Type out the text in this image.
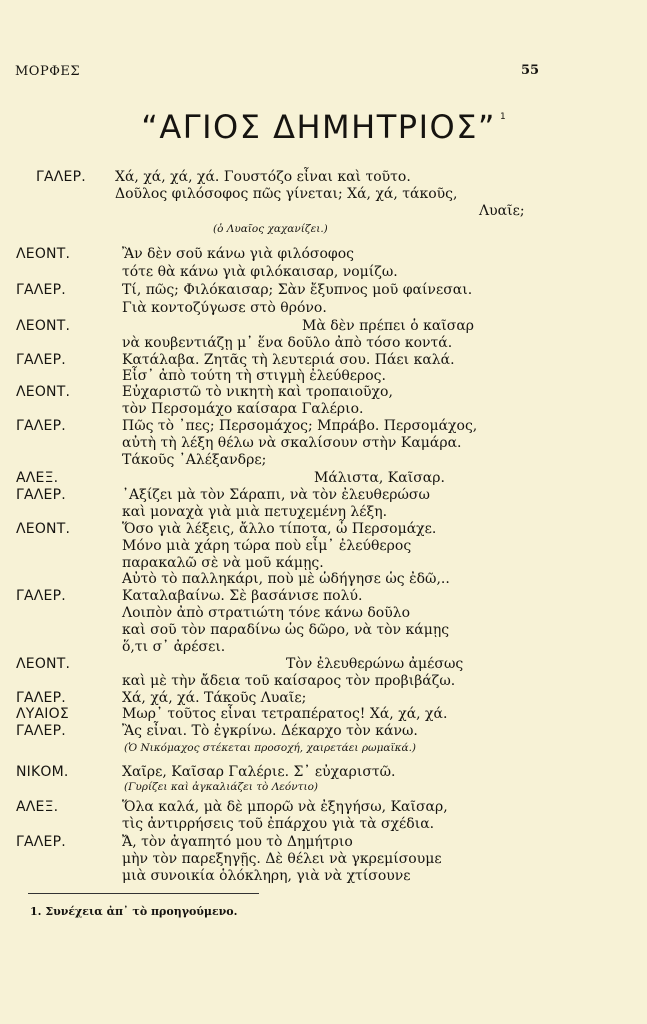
ΜΟΡΦΕΣ	55
“ΑΓΙΟΣ ΔΗΜΗΤΡΙΟΣ” $^1$
ΓΑΛΕΡ.
ΛΕΟΝΤ.
ΓΑΛΕΡ.
ΛΕΟΝΤ.
ΓΑΛΕΡ.
ΛΕΟΝΤ.
ΓΑΛΕΡ.
ΑΛΕΞ.
ΓΑΛΕΡ.
ΛΕΟΝΤ.
ΓΑΛΕΡ.
ΛΕΟΝΤ.
ΓΑΛΕΡ.
ΛΥΑΙΟΣ
ΓΑΛΕΡ.
ΝΙΚΟΜ.
ΑΛΕΞ.
ΓΑΛΕΡ.
Χά, χά, χά, χά. Γουστόζο εἶναι καὶ τοῦτο.
Δοῦλος φιλόσοφος πῶς γίνεται; Χά, χά, τάκοῦς,
Λυαῖε;
Ἂν δὲν σοῦ κάνω γιὰ φιλόσοφος
τότε θὰ κάνω γιὰ φιλόκαισαρ, νομίζω.
Τί, πῶς; Φιλόκαισαρ; Σὰν ἔξυπνος μοῦ φαίνεσαι.
Γιὰ κοντοζύγωσε στὸ θρόνο.
Μὰ δὲν πρέπει ὁ καῖσαρ
νὰ κουβεντιάζῃ μ᾿ ἕνα δοῦλο ἀπὸ τόσο κοντά.
Κατάλαβα. Ζητᾶς τὴ λευτεριά σου. Πάει καλά.
Εἶσ᾿ ἀπὸ τούτη τὴ στιγμὴ ἐλεύθερος.
Εὐχαριστῶ τὸ νικητὴ καὶ τροπαιοῦχο,
τὸν Περσομάχο καίσαρα Γαλέριο.
Πῶς τὸ ᾿πες; Περσομάχος; Μπράβο. Περσομάχος,
αὐτὴ τὴ λέξη θέλω νὰ σκαλίσουν στὴν Καμάρα.
Τάκοῦς ᾿Αλέξανδρε;
Μάλιστα, Καῖσαρ.
᾿Αξίζει μὰ τὸν Σάραπι, νὰ τὸν ἐλευθερώσω
καὶ μοναχὰ γιὰ μιὰ πετυχεμένη λέξη.
Ὅσο γιὰ λέξεις, ἄλλο τίποτα, ὦ Περσομάχε.
Μόνο μιὰ χάρη τώρα ποὺ εἶμ᾿ ἐλεύθερος
παρακαλῶ σὲ νὰ μοῦ κάμῃς.
Αὐτὸ τὸ παλληκάρι, ποὺ μὲ ὡδήγησε ὡς ἐδῶ,..
Καταλαβαίνω. Σὲ βασάνισε πολύ.
Λοιπὸν ἀπὸ στρατιώτη τόνε κάνω δοῦλο
καὶ σοῦ τὸν παραδίνω ὡς δῶρο, νὰ τὸν κάμῃς
ὅ,τι σ᾿ ἀρέσει.
Τὸν ἐλευθερώνω ἀμέσως
καὶ μὲ τὴν ἄδεια τοῦ καίσαρος τὸν προβιβάζω.
Χά, χά, χά. Τάκοῦς Λυαῖε;
Μωρ᾿ τοῦτος εἶναι τετραπέρατος! Χά, χά, χά.
Ἂς εἶναι. Τὸ ἐγκρίνω. Δέκαρχο τὸν κάνω.
Χαῖρε, Καῖσαρ Γαλέριε. Σ᾿ εὐχαριστῶ.
Ὅλα καλά, μὰ δὲ μπορῶ νὰ ἐξηγήσω, Καῖσαρ,
τὶς ἀντιρρήσεις τοῦ ἐπάρχου γιὰ τὰ σχέδια.
Ἄ, τὸν ἀγαπητό μου τὸ Δημήτριο
μὴν τὸν παρεξηγῇς. Δὲ θέλει νὰ γκρεμίσουμε
μιὰ συνοικία ὁλόκληρη, γιὰ νὰ χτίσουνε
(ὁ Λυαῖος χαχανίζει.)
(Ὁ Νικόμαχος στέκεται προσοχή, χαιρετάει ρωμαϊκά.)
(Γυρίζει καὶ ἀγκαλιάζει τὸ Λεόντιο)
1. Συνέχεια ἀπ᾿ τὸ προηγούμενο.
